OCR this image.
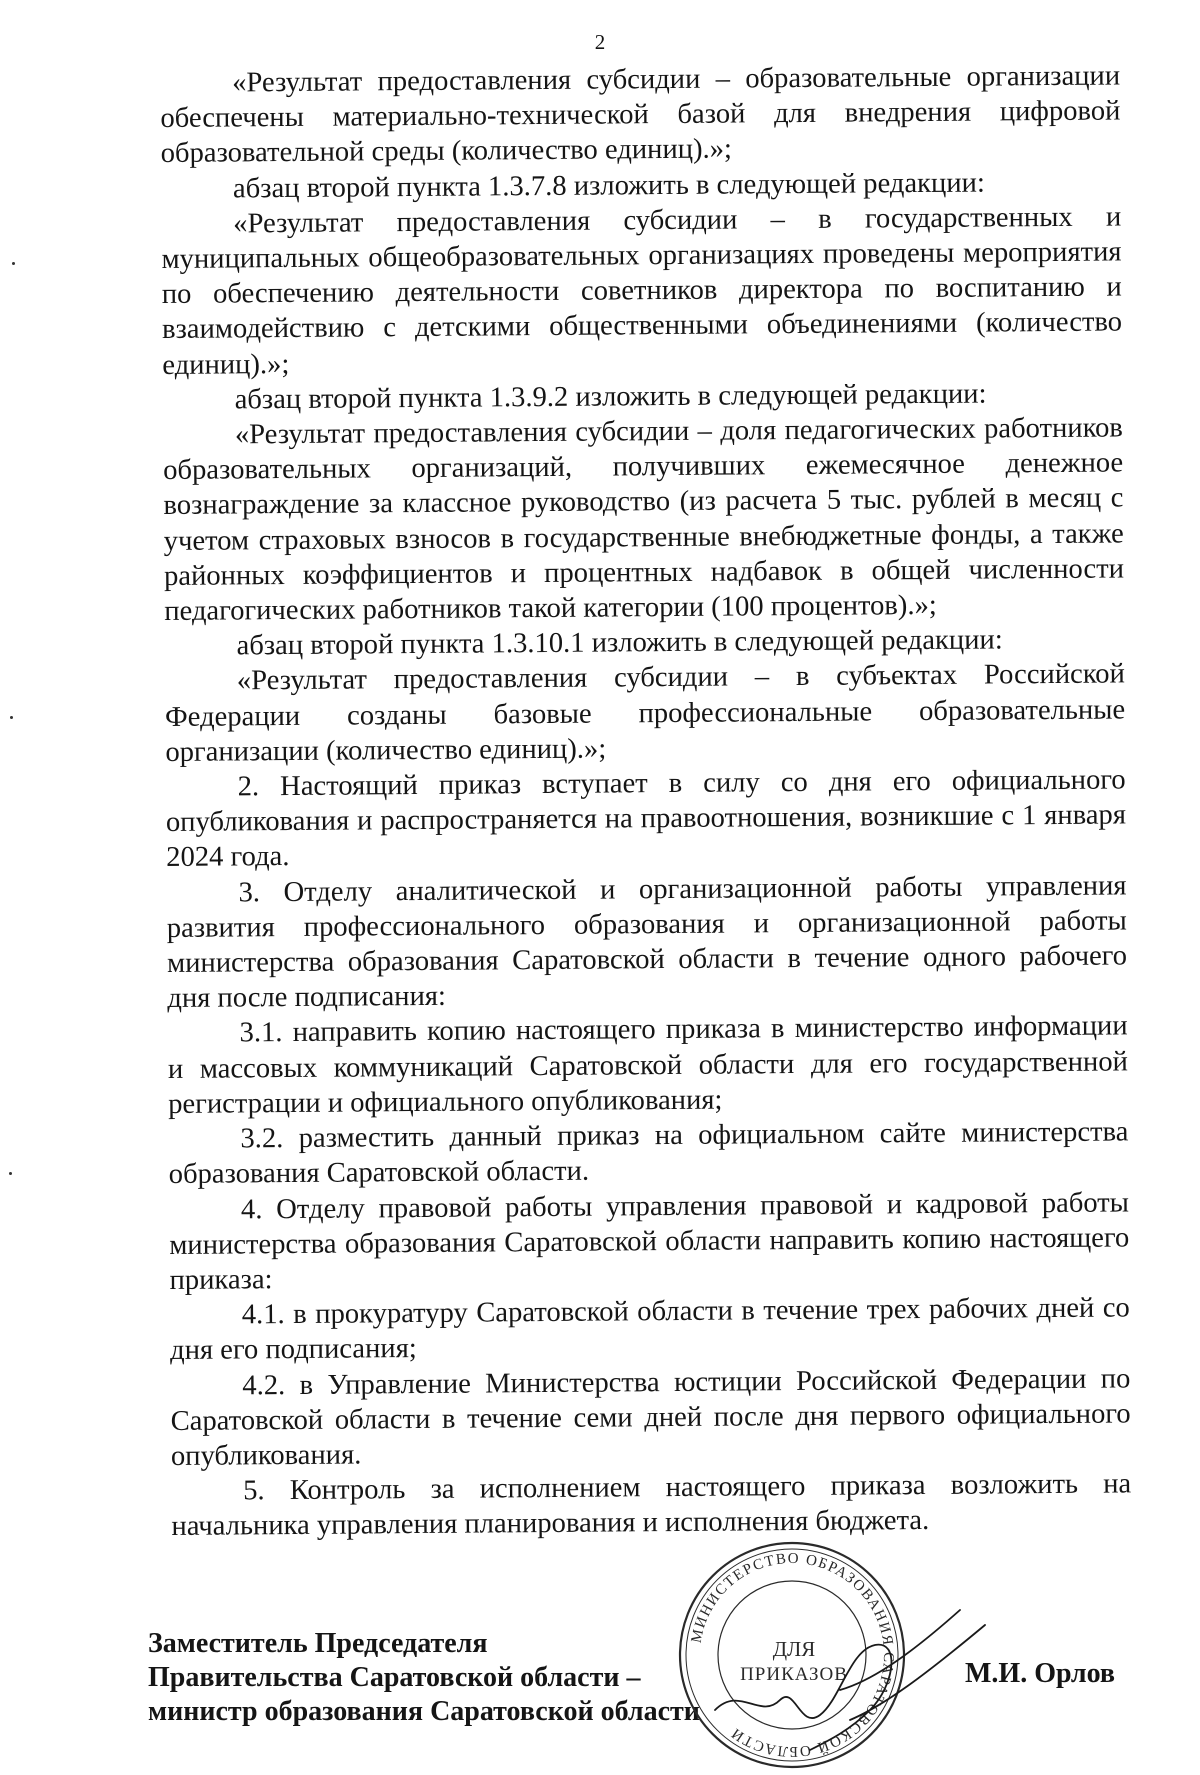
2

«Результат предоставления субсидии – образовательные организации обеспечены материально-технической базой для внедрения цифровой образовательной среды (количество единиц).»;

абзац второй пункта 1.3.7.8 изложить в следующей редакции:

«Результат предоставления субсидии – в государственных и муниципальных общеобразовательных организациях проведены мероприятия по обеспечению деятельности советников директора по воспитанию и взаимодействию с детскими общественными объединениями (количество единиц).»;

абзац второй пункта 1.3.9.2 изложить в следующей редакции:

«Результат предоставления субсидии – доля педагогических работников образовательных организаций, получивших ежемесячное денежное вознаграждение за классное руководство (из расчета 5 тыс. рублей в месяц с учетом страховых взносов в государственные внебюджетные фонды, а также районных коэффициентов и процентных надбавок в общей численности педагогических работников такой категории (100 процентов).»;

абзац второй пункта 1.3.10.1 изложить в следующей редакции:

«Результат предоставления субсидии – в субъектах Российской Федерации созданы базовые профессиональные образовательные организации (количество единиц).»;

2. Настоящий приказ вступает в силу со дня его официального опубликования и распространяется на правоотношения, возникшие с 1 января 2024 года.

3. Отделу аналитической и организационной работы управления развития профессионального образования и организационной работы министерства образования Саратовской области в течение одного рабочего дня после подписания:

3.1. направить копию настоящего приказа в министерство информации и массовых коммуникаций Саратовской области для его государственной регистрации и официального опубликования;

3.2. разместить данный приказ на официальном сайте министерства образования Саратовской области.

4. Отделу правовой работы управления правовой и кадровой работы министерства образования Саратовской области направить копию настоящего приказа:

4.1. в прокуратуру Саратовской области в течение трех рабочих дней со дня его подписания;

4.2. в Управление Министерства юстиции Российской Федерации по Саратовской области в течение семи дней после дня первого официального опубликования.

5. Контроль за исполнением настоящего приказа возложить на начальника управления планирования и исполнения бюджета.

Заместитель Председателя
Правительства Саратовской области –
министр образования Саратовской области
МИНИСТЕРСТВО ОБРАЗОВАНИЯ САРАТОВСКОЙ ОБЛАСТИ
ДЛЯ
ПРИКАЗОВ	М.И. Орлов
